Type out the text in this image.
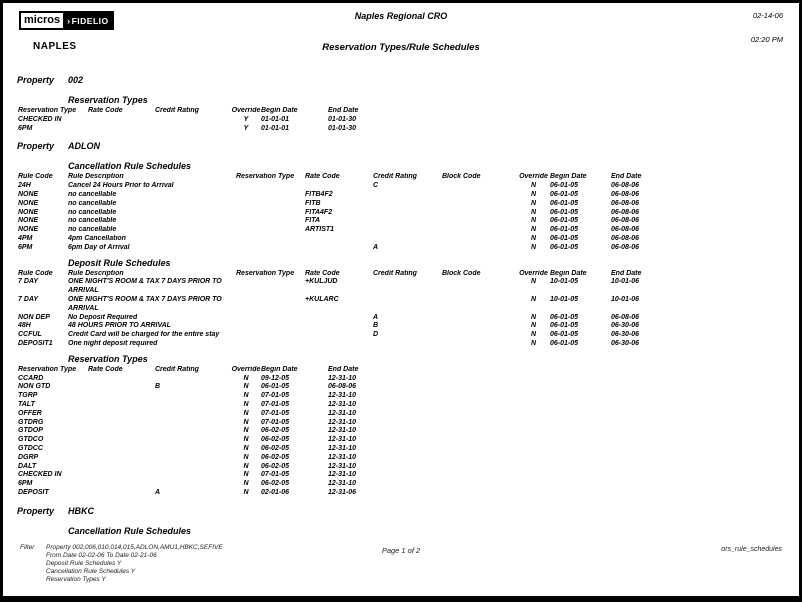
micros › FIDELIO
NAPLES
Naples Regional CRO
Reservation Types/Rule Schedules
02-14-06
02:20 PM
Property 002
Reservation Types
Reservation Type	Rate Code	Credit Rating	Override	Begin Date	End Date
CHECKED IN			Y	01-01-01	01-01-30
6PM			Y	01-01-01	01-01-30
Property ADLON
Cancellation Rule Schedules
Rule Code	Rule Description	Reservation Type	Rate Code	Credit Rating	Block Code	Override	Begin Date	End Date
24H	Cancel 24 Hours Prior to Arrival			C		N	06-01-05	06-08-06
NONE	no cancellable		FITB4F2			N	06-01-05	06-08-06
NONE	no cancellable		FITB			N	06-01-05	06-08-06
NONE	no cancellable		FITA4F2			N	06-01-05	06-08-06
NONE	no cancellable		FITA			N	06-01-05	06-08-06
NONE	no cancellable		ARTIST1			N	06-01-05	06-08-06
4PM	4pm Cancellation					N	06-01-05	06-08-06
6PM	6pm Day of Arrival			A		N	06-01-05	06-08-06
Deposit Rule Schedules
Rule Code	Rule Description	Reservation Type	Rate Code	Credit Rating	Block Code	Override	Begin Date	End Date
7 DAY	ONE NIGHT'S ROOM & TAX 7 DAYS PRIOR TO ARRIVAL		+KULJUD			N	10-01-05	10-01-06
7 DAY	ONE NIGHT'S ROOM & TAX 7 DAYS PRIOR TO ARRIVAL		+KULARC			N	10-01-05	10-01-06
NON DEP	No Deposit Required			A		N	06-01-05	06-08-06
48H	48 HOURS PRIOR TO ARRIVAL			B		N	06-01-05	06-30-06
CCFUL	Credit Card will be charged for the entire stay			D		N	06-01-05	06-30-06
DEPOSIT1	One night deposit required					N	06-01-05	06-30-06
Reservation Types
Reservation Type	Rate Code	Credit Rating	Override	Begin Date	End Date
CCARD			N	09-12-05	12-31-10
NON GTD		B	N	06-01-05	06-08-06
TGRP			N	07-01-05	12-31-10
TALT			N	07-01-05	12-31-10
OFFER			N	07-01-05	12-31-10
GTDRG			N	07-01-05	12-31-10
GTDOP			N	06-02-05	12-31-10
GTDCO			N	06-02-05	12-31-10
GTDCC			N	06-02-05	12-31-10
DGRP			N	06-02-05	12-31-10
DALT			N	06-02-05	12-31-10
CHECKED IN			N	07-01-05	12-31-10
6PM			N	06-02-05	12-31-10
DEPOSIT		A	N	02-01-06	12-31-06
Property HBKC
Cancellation Rule Schedules
Filter Property 002,006,010,014,015,ADLON,AMU1,HBKC,SEFIVE
From Date 02-02-06 To Date 02-21-06
Deposit Rule Schedules Y
Cancellation Rule Schedules Y
Reservation Types Y
Page 1 of 2	ors_rule_schedules
